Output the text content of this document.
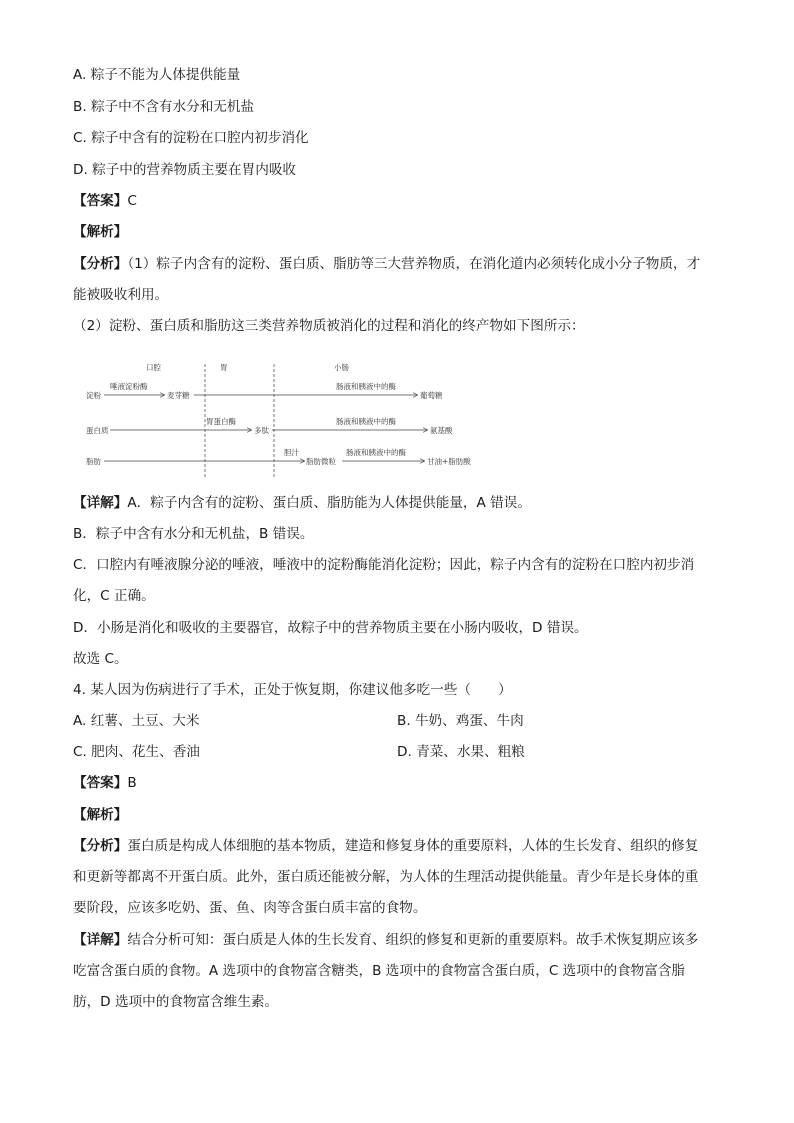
A. 粽子不能为人体提供能量
B. 粽子中不含有水分和无机盐
C. 粽子中含有的淀粉在口腔内初步消化
D. 粽子中的营养物质主要在胃内吸收
【答案】C
【解析】
【分析】（1）粽子内含有的淀粉、蛋白质、脂肪等三大营养物质，在消化道内必须转化成小分子物质，才
能被吸收利用。
（2）淀粉、蛋白质和脂肪这三类营养物质被消化的过程和消化的终产物如下图所示：
口腔	胃	小肠
淀粉
唾液淀粉酶
麦芽糖
肠液和胰液中的酶
葡萄糖
蛋白质
胃蛋白酶
多肽
肠液和胰液中的酶
氨基酸
脂肪
胆汁
脂肪微粒
肠液和胰液中的酶
甘油+脂肪酸
【详解】A．粽子内含有的淀粉、蛋白质、脂肪能为人体提供能量，A 错误。
B．粽子中含有水分和无机盐，B 错误。
C．口腔内有唾液腺分泌的唾液，唾液中的淀粉酶能消化淀粉；因此，粽子内含有的淀粉在口腔内初步消
化，C 正确。
D．小肠是消化和吸收的主要器官，故粽子中的营养物质主要在小肠内吸收，D 错误。
故选 C。
4. 某人因为伤病进行了手术，正处于恢复期，你建议他多吃一些（　　）
A. 红薯、土豆、大米	B. 牛奶、鸡蛋、牛肉
C. 肥肉、花生、香油	D. 青菜、水果、粗粮
【答案】B
【解析】
【分析】蛋白质是构成人体细胞的基本物质，建造和修复身体的重要原料，人体的生长发育、组织的修复
和更新等都离不开蛋白质。此外，蛋白质还能被分解，为人体的生理活动提供能量。青少年是长身体的重
要阶段，应该多吃奶、蛋、鱼、肉等含蛋白质丰富的食物。
【详解】结合分析可知：蛋白质是人体的生长发育、组织的修复和更新的重要原料。故手术恢复期应该多
吃富含蛋白质的食物。A 选项中的食物富含糖类，B 选项中的食物富含蛋白质，C 选项中的食物富含脂
肪，D 选项中的食物富含维生素。
